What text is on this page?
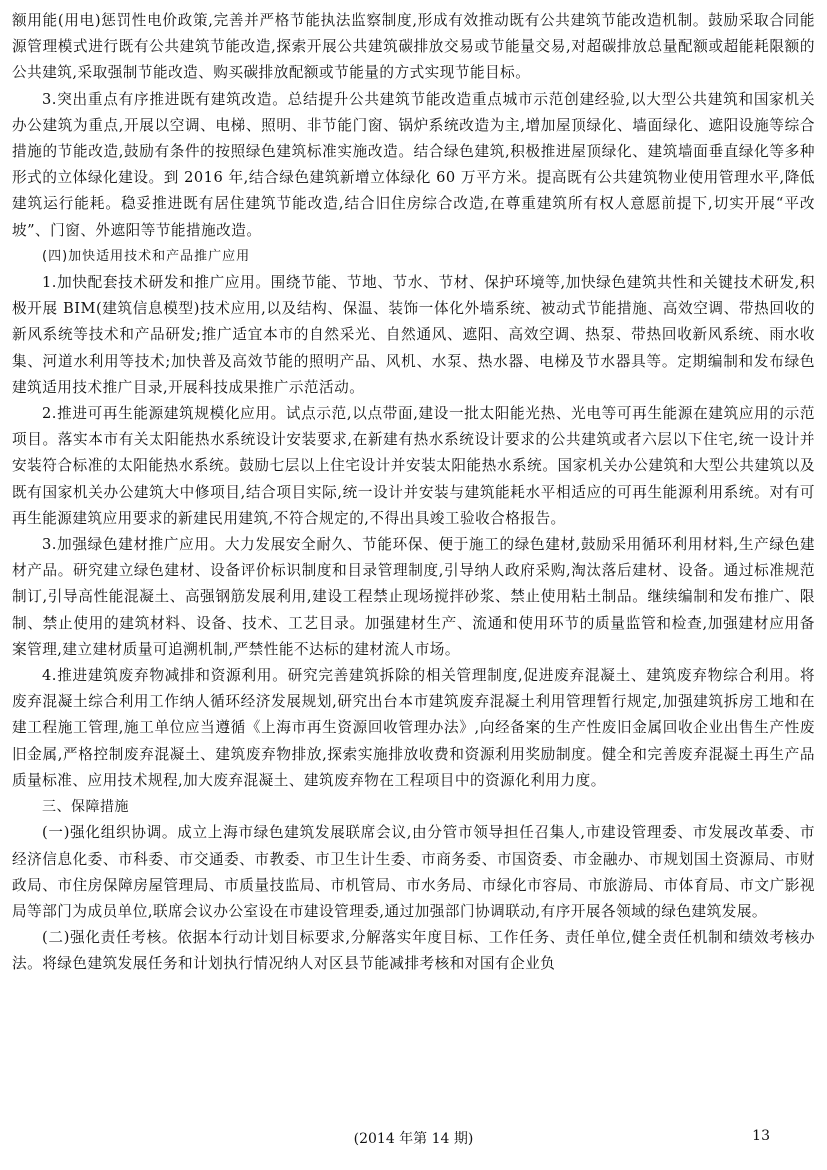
额用能(用电)惩罚性电价政策,完善并严格节能执法监察制度,形成有效推动既有公共建筑节能改造机制。鼓励采取合同能源管理模式进行既有公共建筑节能改造,探索开展公共建筑碳排放交易或节能量交易,对超碳排放总量配额或超能耗限额的公共建筑,采取强制节能改造、购买碳排放配额或节能量的方式实现节能目标。

3.突出重点有序推进既有建筑改造。总结提升公共建筑节能改造重点城市示范创建经验,以大型公共建筑和国家机关办公建筑为重点,开展以空调、电梯、照明、非节能门窗、锅炉系统改造为主,增加屋顶绿化、墙面绿化、遮阳设施等综合措施的节能改造,鼓励有条件的按照绿色建筑标准实施改造。结合绿色建筑,积极推进屋顶绿化、建筑墙面垂直绿化等多种形式的立体绿化建设。到 2016 年,结合绿色建筑新增立体绿化 60 万平方米。提高既有公共建筑物业使用管理水平,降低建筑运行能耗。稳妥推进既有居住建筑节能改造,结合旧住房综合改造,在尊重建筑所有权人意愿前提下,切实开展“平改坡”、门窗、外遮阳等节能措施改造。

(四)加快适用技术和产品推广应用

1.加快配套技术研发和推广应用。围绕节能、节地、节水、节材、保护环境等,加快绿色建筑共性和关键技术研发,积极开展 BIM(建筑信息模型)技术应用,以及结构、保温、装饰一体化外墙系统、被动式节能措施、高效空调、带热回收的新风系统等技术和产品研发;推广适宜本市的自然采光、自然通风、遮阳、高效空调、热泵、带热回收新风系统、雨水收集、河道水利用等技术;加快普及高效节能的照明产品、风机、水泵、热水器、电梯及节水器具等。定期编制和发布绿色建筑适用技术推广目录,开展科技成果推广示范活动。

2.推进可再生能源建筑规模化应用。试点示范,以点带面,建设一批太阳能光热、光电等可再生能源在建筑应用的示范项目。落实本市有关太阳能热水系统设计安装要求,在新建有热水系统设计要求的公共建筑或者六层以下住宅,统一设计并安装符合标准的太阳能热水系统。鼓励七层以上住宅设计并安装太阳能热水系统。国家机关办公建筑和大型公共建筑以及既有国家机关办公建筑大中修项目,结合项目实际,统一设计并安装与建筑能耗水平相适应的可再生能源利用系统。对有可再生能源建筑应用要求的新建民用建筑,不符合规定的,不得出具竣工验收合格报告。

3.加强绿色建材推广应用。大力发展安全耐久、节能环保、便于施工的绿色建材,鼓励采用循环利用材料,生产绿色建材产品。研究建立绿色建材、设备评价标识制度和目录管理制度,引导纳人政府采购,淘汰落后建材、设备。通过标准规范制订,引导高性能混凝土、高强钢筋发展利用,建设工程禁止现场搅拌砂浆、禁止使用粘土制品。继续编制和发布推广、限制、禁止使用的建筑材料、设备、技术、工艺目录。加强建材生产、流通和使用环节的质量监管和检查,加强建材应用备案管理,建立建材质量可追溯机制,严禁性能不达标的建材流人市场。

4.推进建筑废弃物减排和资源利用。研究完善建筑拆除的相关管理制度,促进废弃混凝土、建筑废弃物综合利用。将废弃混凝土综合利用工作纳人循环经济发展规划,研究出台本市建筑废弃混凝土利用管理暂行规定,加强建筑拆房工地和在建工程施工管理,施工单位应当遵循《上海市再生资源回收管理办法》,向经备案的生产性废旧金属回收企业出售生产性废旧金属,严格控制废弃混凝土、建筑废弃物排放,探索实施排放收费和资源利用奖励制度。健全和完善废弃混凝土再生产品质量标准、应用技术规程,加大废弃混凝土、建筑废弃物在工程项目中的资源化利用力度。

三、保障措施

(一)强化组织协调。成立上海市绿色建筑发展联席会议,由分管市领导担任召集人,市建设管理委、市发展改革委、市经济信息化委、市科委、市交通委、市教委、市卫生计生委、市商务委、市国资委、市金融办、市规划国土资源局、市财政局、市住房保障房屋管理局、市质量技监局、市机管局、市水务局、市绿化市容局、市旅游局、市体育局、市文广影视局等部门为成员单位,联席会议办公室设在市建设管理委,通过加强部门协调联动,有序开展各领域的绿色建筑发展。

(二)强化责任考核。依据本行动计划目标要求,分解落实年度目标、工作任务、责任单位,健全责任机制和绩效考核办法。将绿色建筑发展任务和计划执行情况纳人对区县节能减排考核和对国有企业负

(2014 年第 14 期)	13
